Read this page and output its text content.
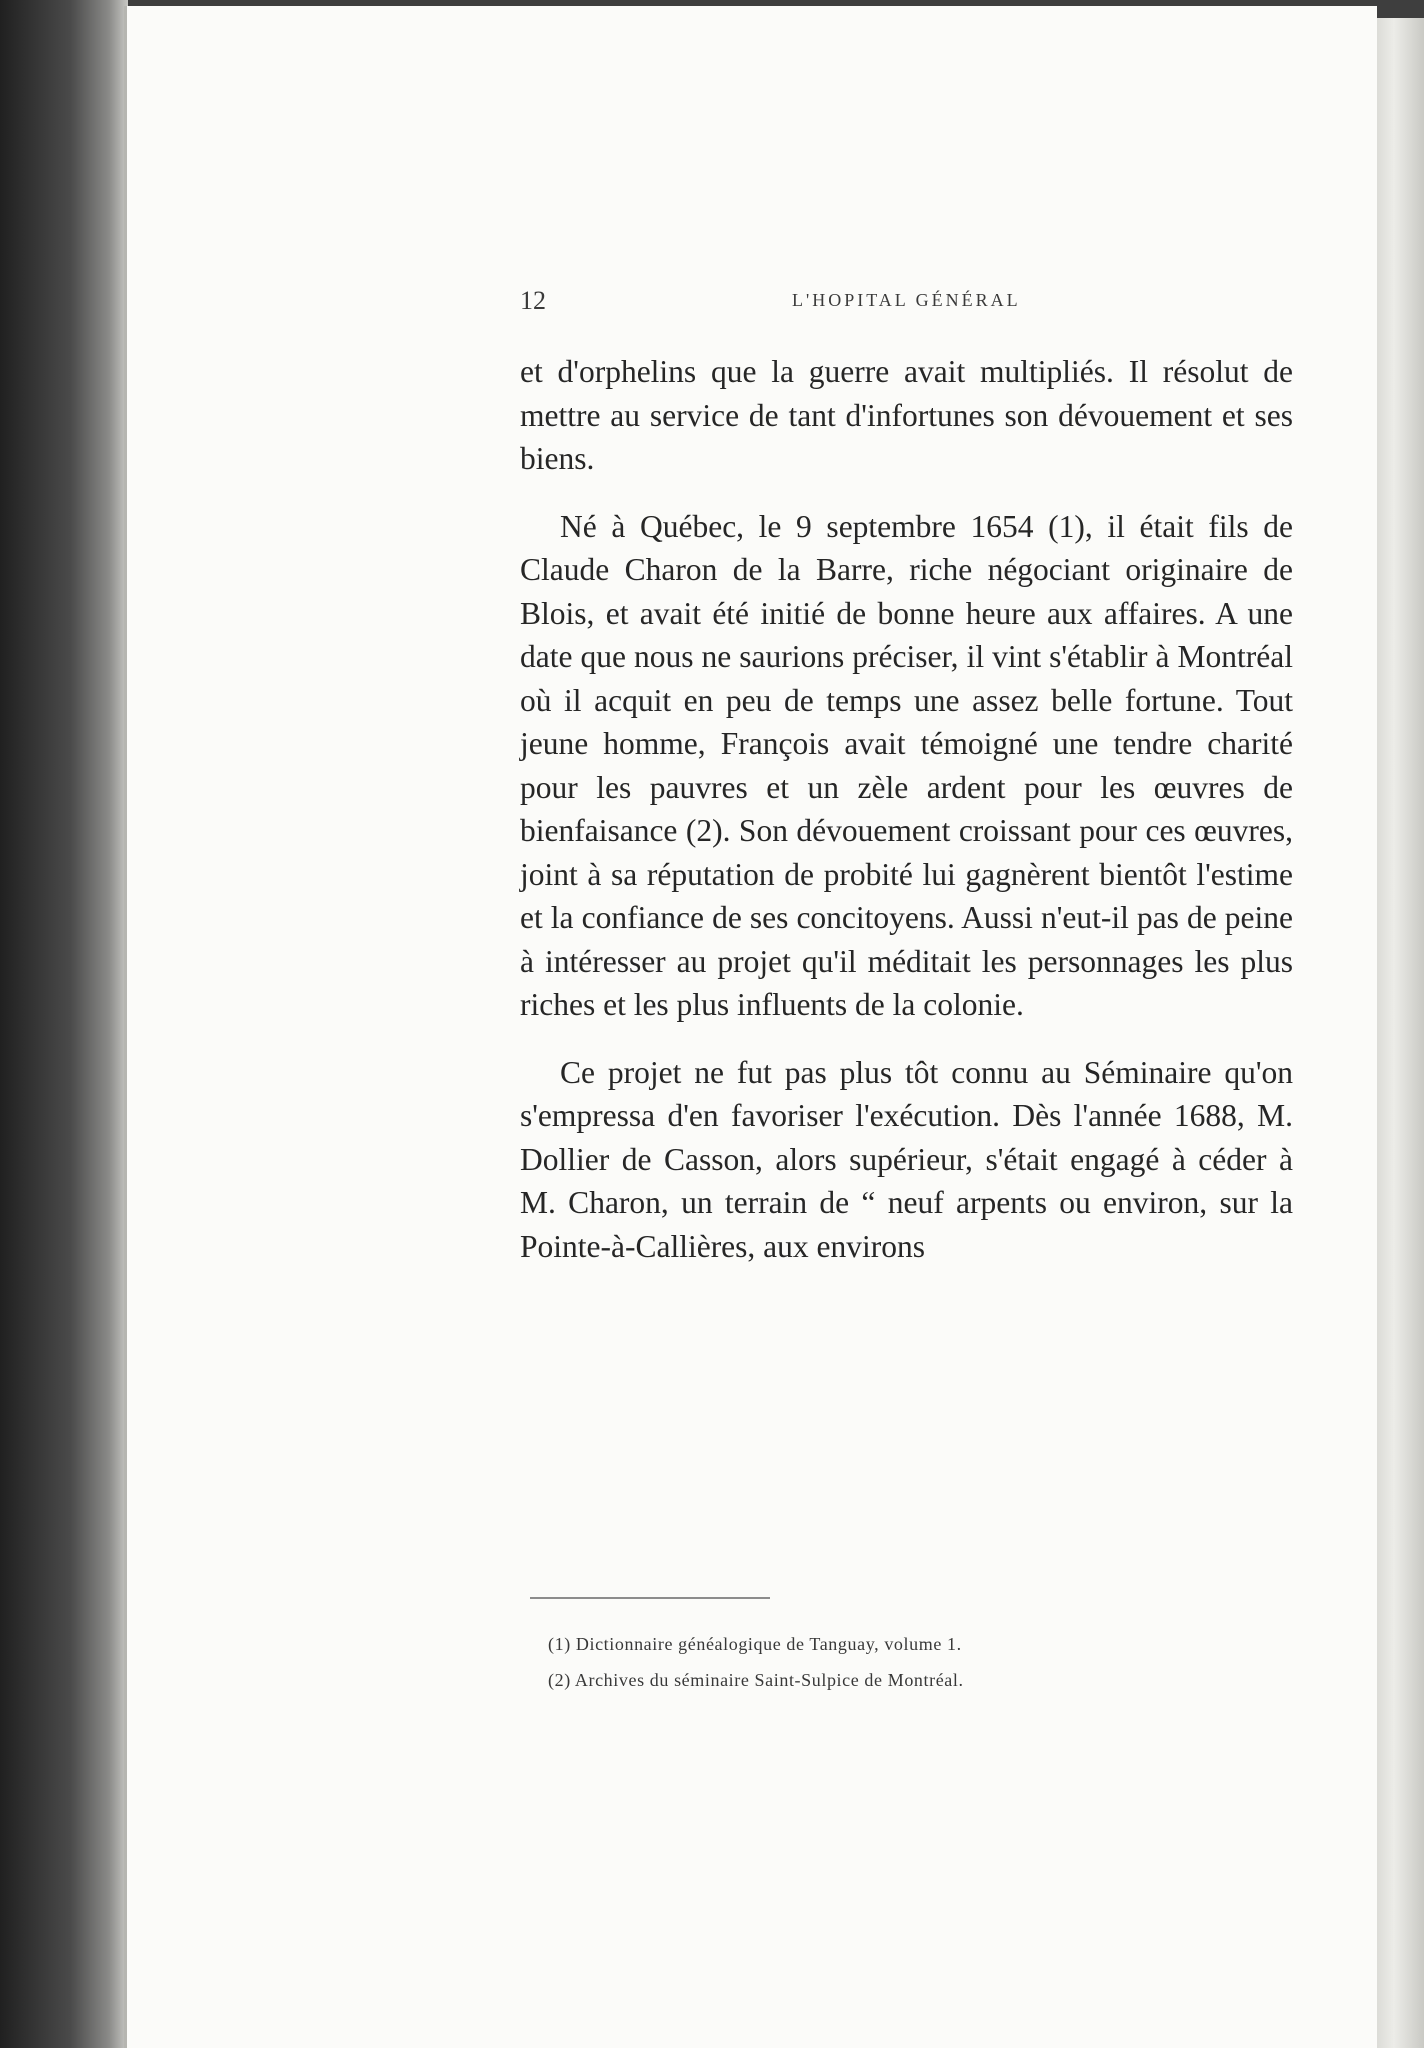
12	L'HOPITAL GÉNÉRAL

et d'orphelins que la guerre avait multipliés. Il résolut de mettre au service de tant d'infortunes son dévouement et ses biens.

Né à Québec, le 9 septembre 1654 (1), il était fils de Claude Charon de la Barre, riche négociant originaire de Blois, et avait été initié de bonne heure aux affaires. A une date que nous ne saurions préciser, il vint s'établir à Montréal où il acquit en peu de temps une assez belle fortune. Tout jeune homme, François avait témoigné une tendre charité pour les pauvres et un zèle ardent pour les œuvres de bienfaisance (2). Son dévouement croissant pour ces œuvres, joint à sa réputation de probité lui gagnèrent bientôt l'estime et la confiance de ses concitoyens. Aussi n'eut-il pas de peine à intéresser au projet qu'il méditait les personnages les plus riches et les plus influents de la colonie.

Ce projet ne fut pas plus tôt connu au Séminaire qu'on s'empressa d'en favoriser l'exécution. Dès l'année 1688, M. Dollier de Casson, alors supérieur, s'était engagé à céder à M. Charon, un terrain de “ neuf arpents ou environ, sur la Pointe-à-Callières, aux environs

(1) Dictionnaire généalogique de Tanguay, volume 1.

(2) Archives du séminaire Saint-Sulpice de Montréal.
